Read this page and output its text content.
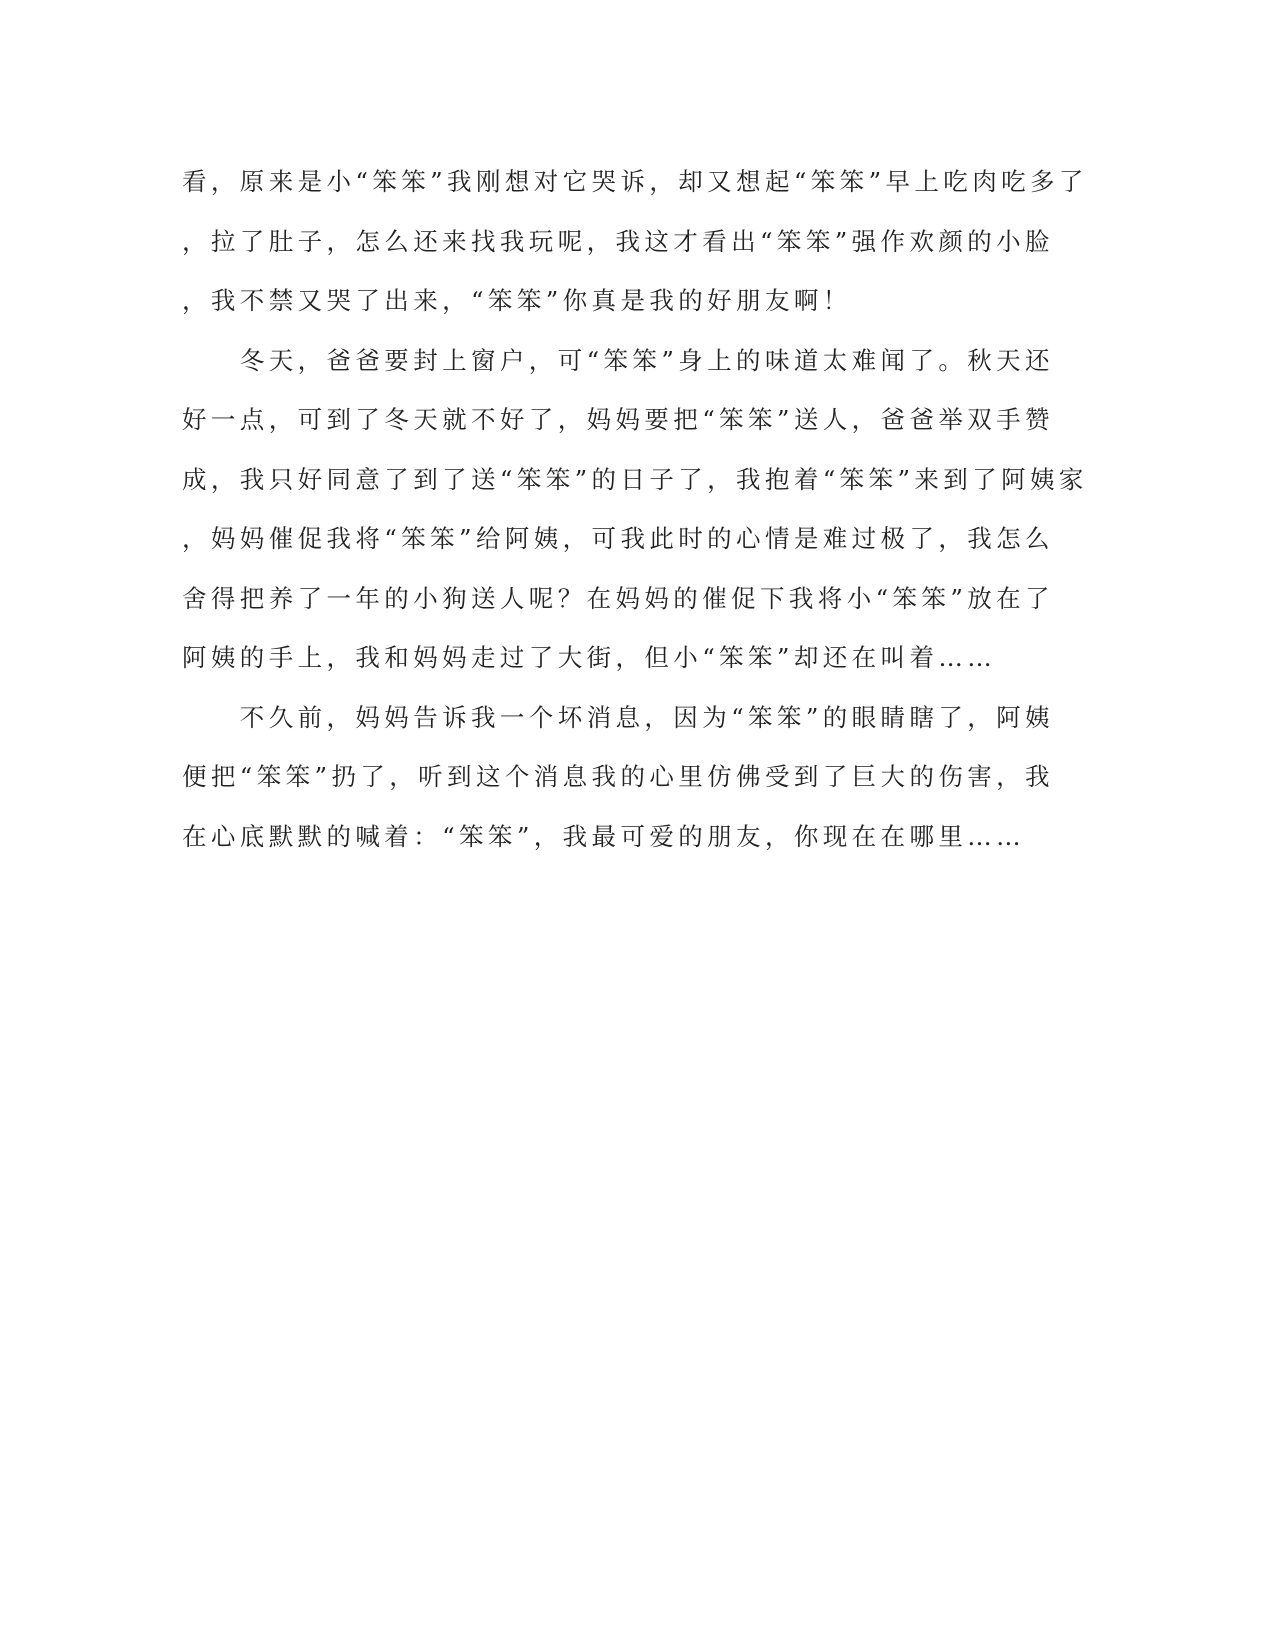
看，原来是小“笨笨”我刚想对它哭诉，却又想起“笨笨”早上吃肉吃多了
，拉了肚子，怎么还来找我玩呢，我这才看出“笨笨”强作欢颜的小脸
，我不禁又哭了出来，“笨笨”你真是我的好朋友啊！
　　冬天，爸爸要封上窗户，可“笨笨”身上的味道太难闻了。秋天还
好一点，可到了冬天就不好了，妈妈要把“笨笨”送人，爸爸举双手赞
成，我只好同意了到了送“笨笨”的日子了，我抱着“笨笨”来到了阿姨家
，妈妈催促我将“笨笨”给阿姨，可我此时的心情是难过极了，我怎么
舍得把养了一年的小狗送人呢？在妈妈的催促下我将小“笨笨”放在了
阿姨的手上，我和妈妈走过了大街，但小“笨笨”却还在叫着……
　　不久前，妈妈告诉我一个坏消息，因为“笨笨”的眼睛瞎了，阿姨
便把“笨笨”扔了，听到这个消息我的心里仿佛受到了巨大的伤害，我
在心底默默的喊着：“笨笨”，我最可爱的朋友，你现在在哪里……
